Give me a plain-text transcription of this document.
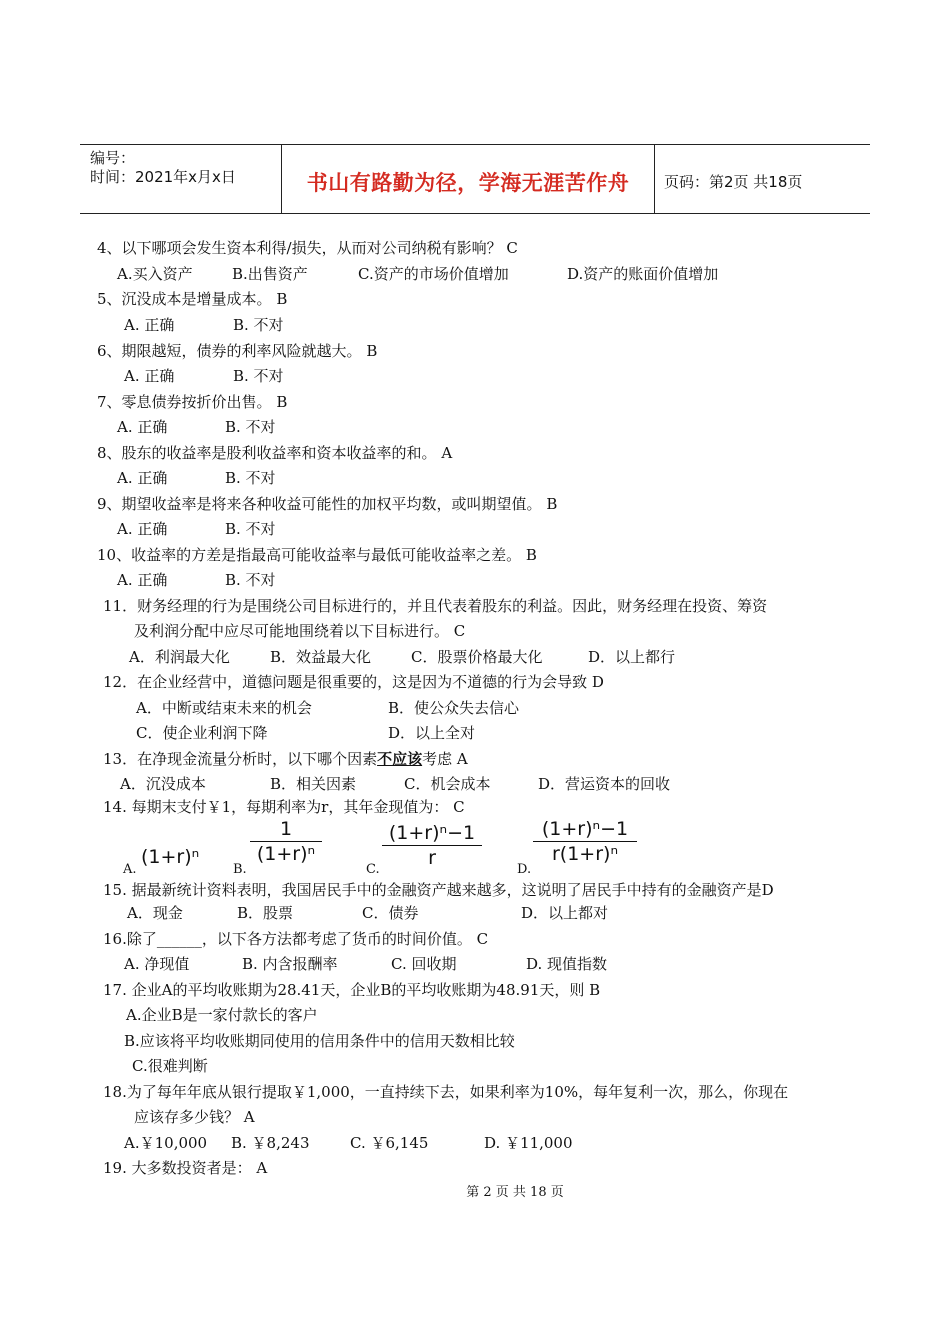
编号：
时间：2021年x月x日	书山有路勤为径，学海无涯苦作舟	页码：第2页 共18页
4、以下哪项会发生资本利得/损失，从而对公司纳税有影响？ C
A.买入资产	B.出售资产	C.资产的市场价值增加	D.资产的账面价值增加
5、沉没成本是增量成本。 B
A. 正确	B. 不对
6、期限越短，债券的利率风险就越大。 B
A. 正确	B. 不对
7、零息债券按折价出售。 B
A. 正确	B. 不对
8、股东的收益率是股利收益率和资本收益率的和。 A
A. 正确	B. 不对
9、期望收益率是将来各种收益可能性的加权平均数，或叫期望值。 B
A. 正确	B. 不对
10、收益率的方差是指最高可能收益率与最低可能收益率之差。 B
A. 正确	B. 不对
11．财务经理的行为是围绕公司目标进行的，并且代表着股东的利益。因此，财务经理在投资、筹资
及利润分配中应尽可能地围绕着以下目标进行。 C
A．利润最大化	B．效益最大化	C．股票价格最大化	D．以上都行
12．在企业经营中，道德问题是很重要的，这是因为不道德的行为会导致 D
A．中断或结束未来的机会	B．使公众失去信心
C．使企业利润下降	D．以上全对
13．在净现金流量分析时，以下哪个因素不应该考虑 A
A．沉没成本	B．相关因素	C．机会成本	D．营运资本的回收
14. 每期末支付￥1，每期利率为r，其年金现值为： C
A.
(1+r)ⁿ
B.
$\frac{1}{\text{(1+r)ⁿ}}$
C.
$\frac{\text{(1+r)ⁿ−1}}{r}$
D.
$\frac{\text{(1+r)ⁿ−1}}{\text{r(1+r)ⁿ}}$
15. 据最新统计资料表明，我国居民手中的金融资产越来越多，这说明了居民手中持有的金融资产是D
A．现金	B．股票	C．债券	D．以上都对
16.除了______，以下各方法都考虑了货币的时间价值。 C
A. 净现值	B. 内含报酬率	C. 回收期	D. 现值指数
17. 企业A的平均收账期为28.41天，企业B的平均收账期为48.91天，则 B
A.企业B是一家付款长的客户
B.应该将平均收账期同使用的信用条件中的信用天数相比较
C.很难判断
18.为了每年年底从银行提取￥1,000，一直持续下去，如果利率为10%，每年复利一次，那么，你现在
应该存多少钱？ A
A.￥10,000 B. ￥8,243	C. ￥6,145	D. ￥11,000
19. 大多数投资者是： A
第 2 页 共 18 页
